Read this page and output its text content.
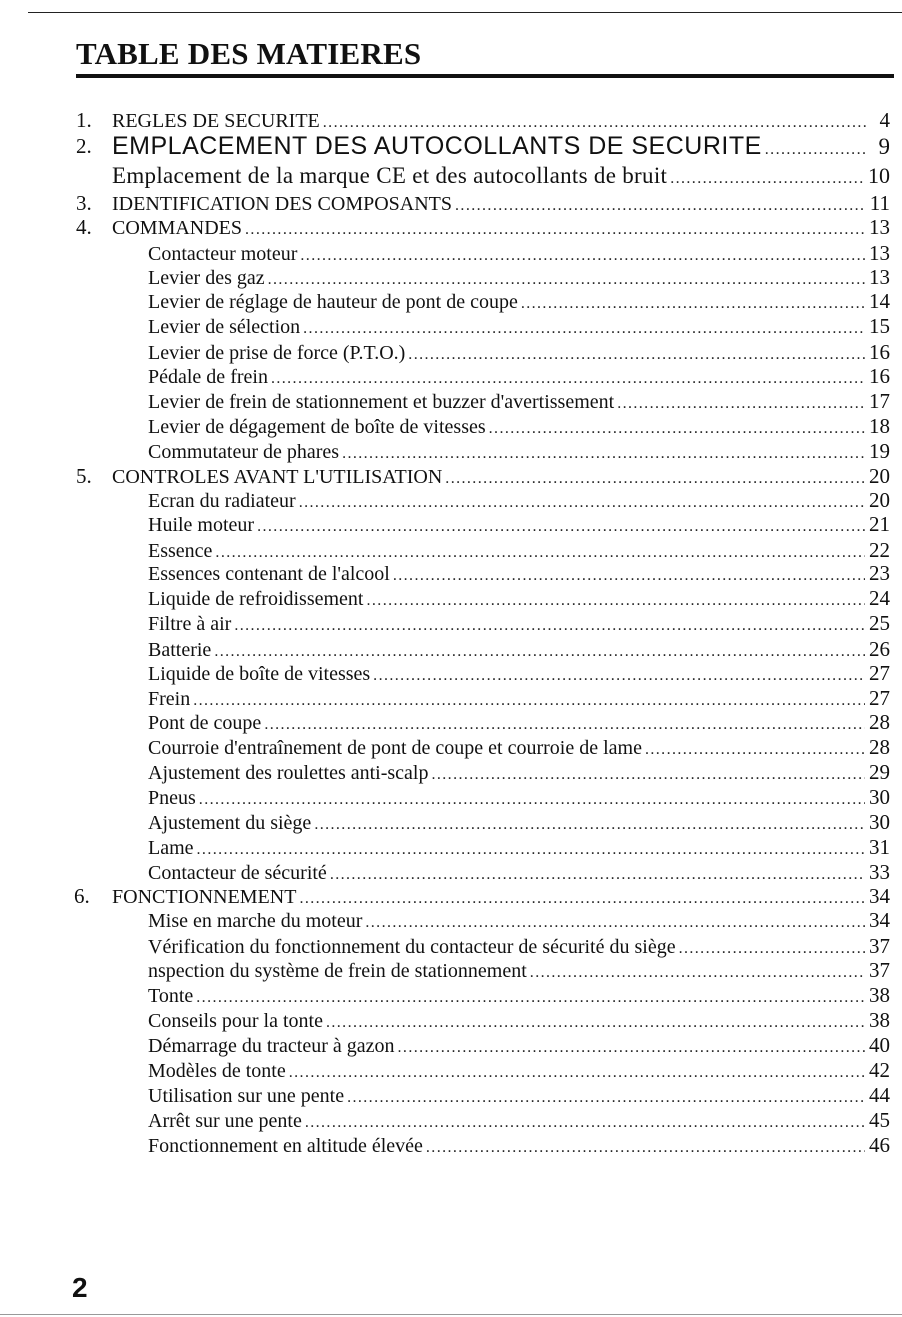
TABLE DES MATIERES
1. REGLES DE SECURITE .....	4
2. EMPLACEMENT DES AUTOCOLLANTS DE SECURITE .....	9
Emplacement de la marque CE et des autocollants de bruit .....	10
3. IDENTIFICATION DES COMPOSANTS .....	11
4. COMMANDES .....	13
Contacteur moteur .....	13
Levier des gaz .....	13
Levier de réglage de hauteur de pont de coupe .....	14
Levier de sélection .....	15
Levier de prise de force (P.T.O.) .....	16
Pédale de frein .....	16
Levier de frein de stationnement et buzzer d'avertissement .....	17
Levier de dégagement de boîte de vitesses .....	18
Commutateur de phares .....	19
5. CONTROLES AVANT L'UTILISATION .....	20
Ecran du radiateur .....	20
Huile moteur .....	21
Essence .....	22
Essences contenant de l'alcool .....	23
Liquide de refroidissement .....	24
Filtre à air .....	25
Batterie .....	26
Liquide de boîte de vitesses .....	27
Frein .....	27
Pont de coupe .....	28
Courroie d'entraînement de pont de coupe et courroie de lame .....	28
Ajustement des roulettes anti-scalp .....	29
Pneus .....	30
Ajustement du siège .....	30
Lame .....	31
Contacteur de sécurité .....	33
6. FONCTIONNEMENT .....	34
Mise en marche du moteur .....	34
Vérification du fonctionnement du contacteur de sécurité du siège .....	37
nspection du système de frein de stationnement .....	37
Tonte .....	38
Conseils pour la tonte .....	38
Démarrage du tracteur à gazon .....	40
Modèles de tonte .....	42
Utilisation sur une pente .....	44
Arrêt sur une pente .....	45
Fonctionnement en altitude élevée .....	46
2
